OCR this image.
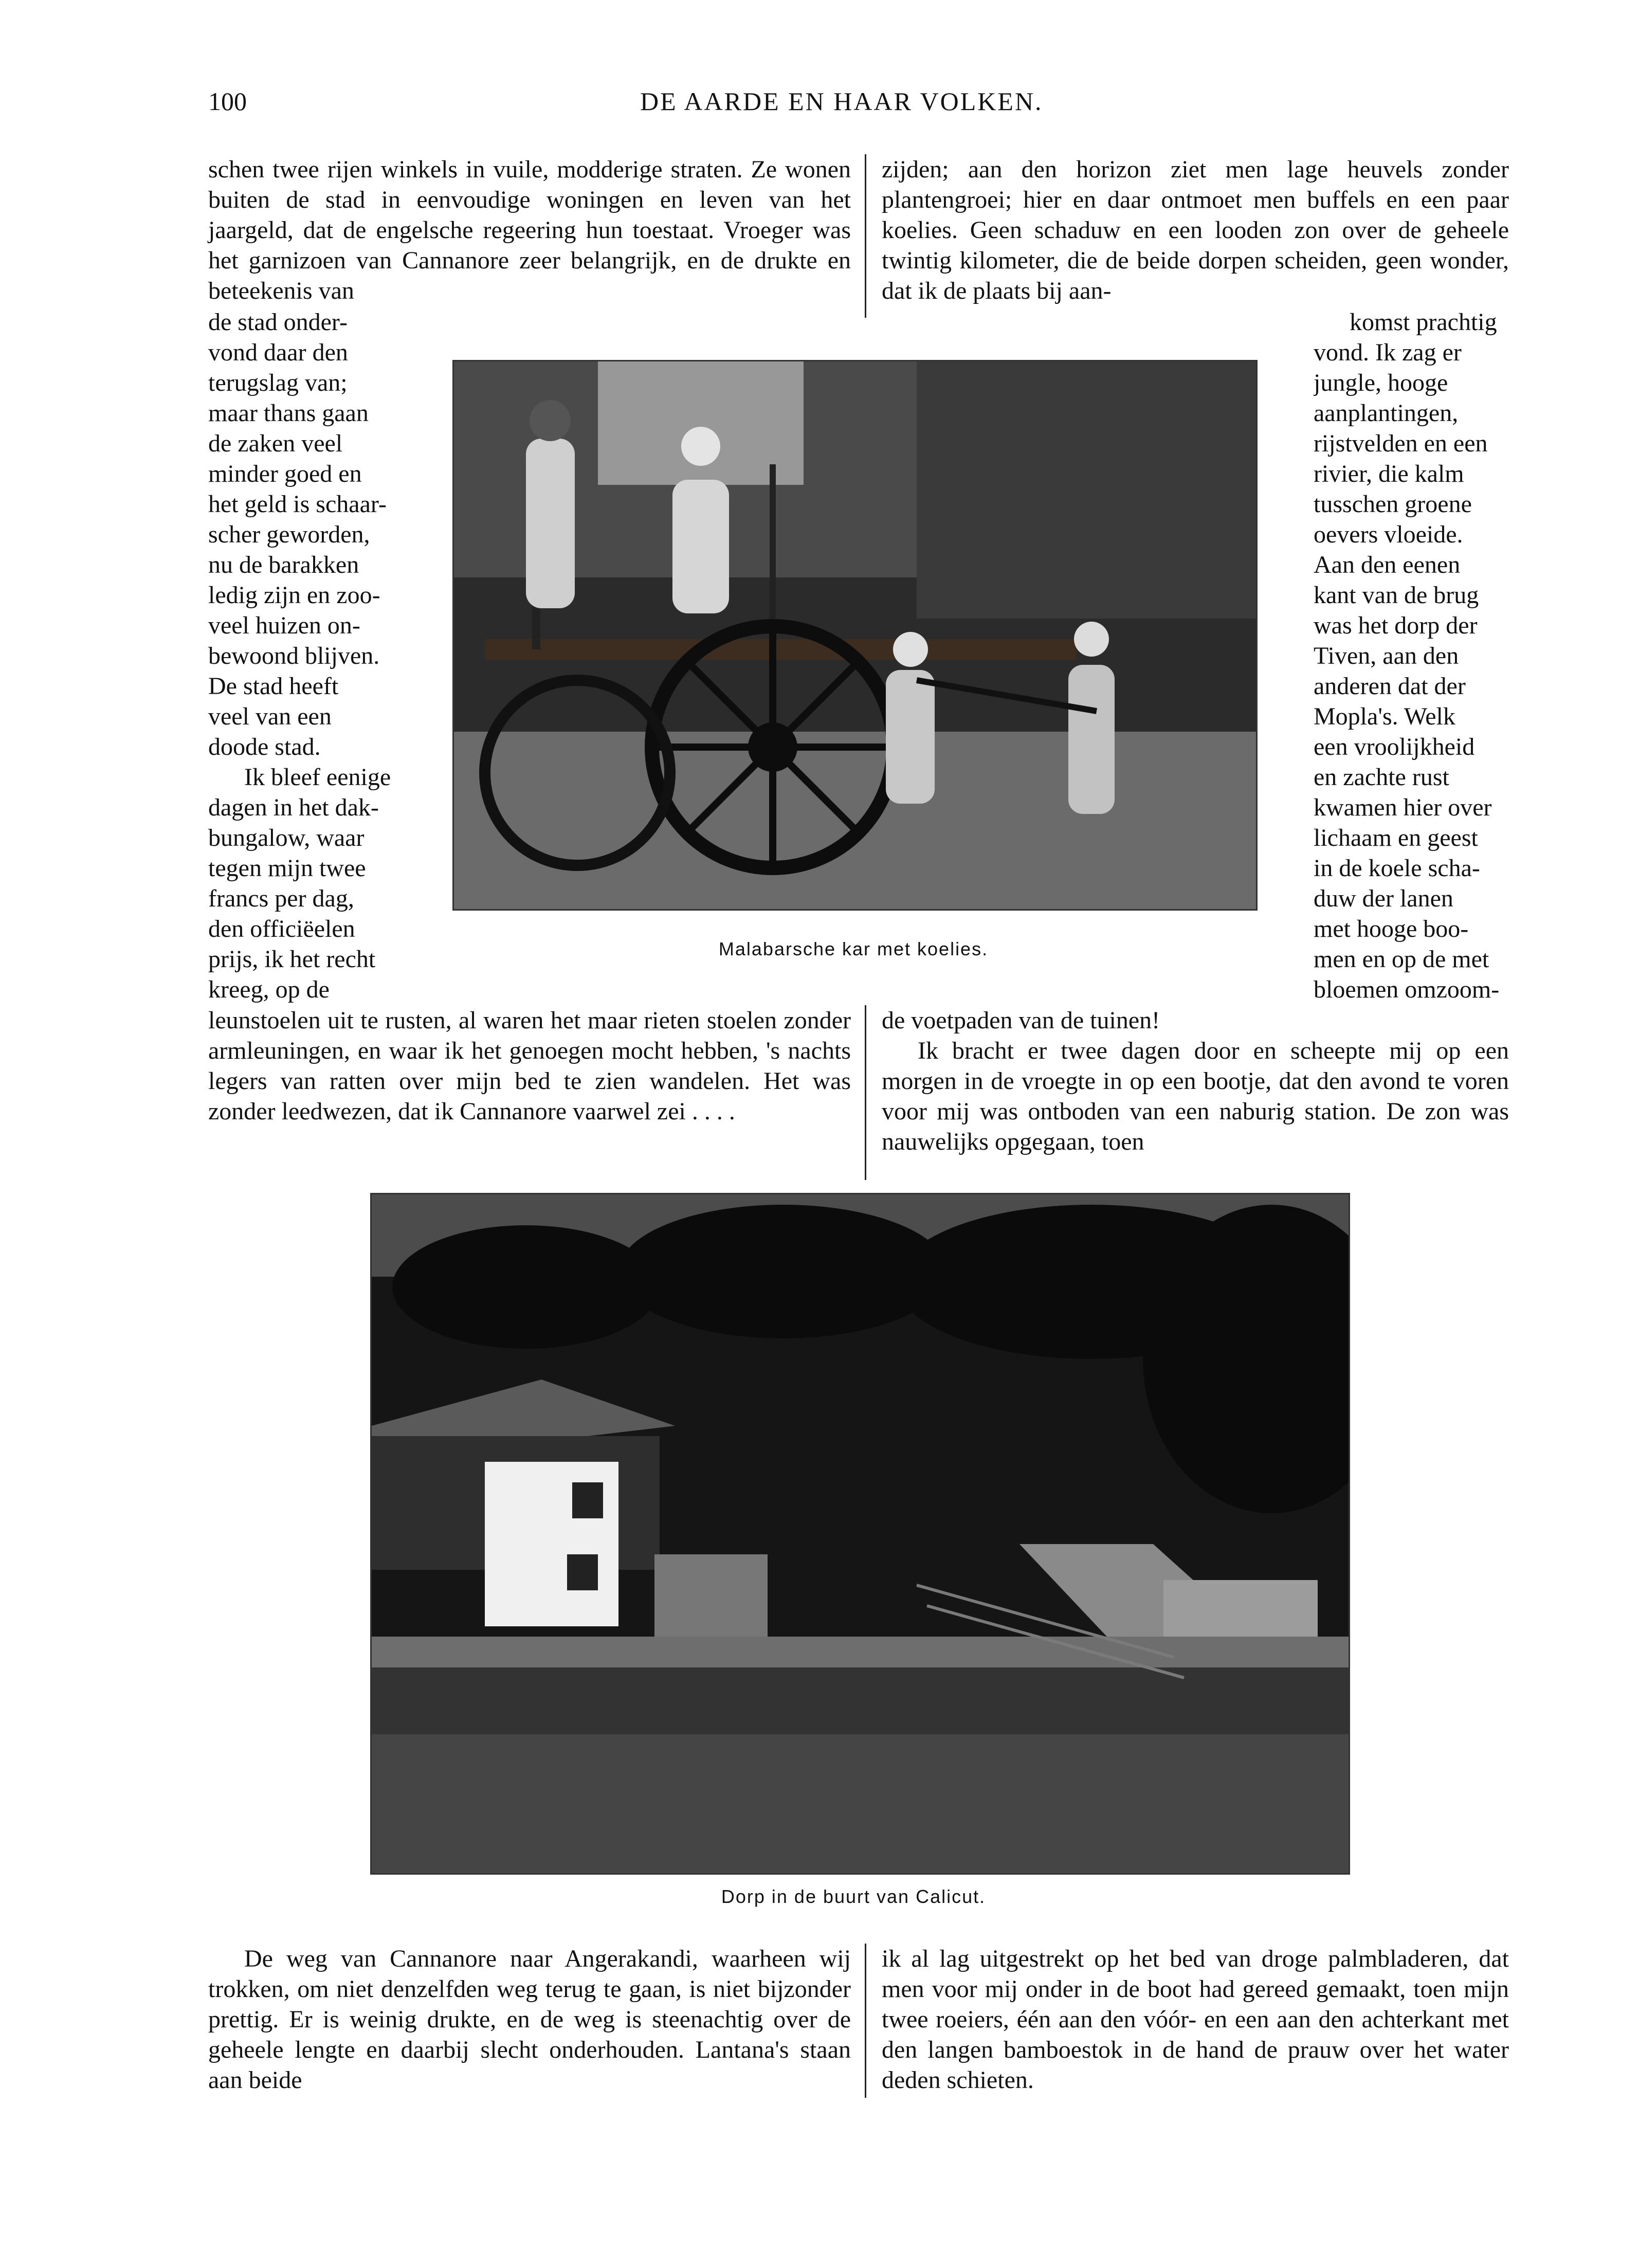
100	DE AARDE EN HAAR VOLKEN.

schen twee rijen winkels in vuile, modderige straten. Ze wonen buiten de stad in eenvoudige woningen en leven van het jaargeld, dat de engelsche regeering hun toestaat. Vroeger was het garnizoen van Cannanore zeer belangrijk, en de drukte en beteekenis van

zijden; aan den horizon ziet men lage heuvels zonder plantengroei; hier en daar ontmoet men buffels en een paar koelies. Geen schaduw en een looden zon over de geheele twintig kilometer, die de beide dorpen scheiden, geen wonder, dat ik de plaats bij aan-

de stad onder-
vond daar den
terugslag van;
maar thans gaan
de zaken veel
minder goed en
het geld is schaar-
scher geworden,
nu de barakken
ledig zijn en zoo-
veel huizen on-
bewoond blijven.
De stad heeft
veel van een
doode stad.
Ik bleef eenige
dagen in het dak-
bungalow, waar
tegen mijn twee
francs per dag,
den officiëelen
prijs, ik het recht
kreeg, op de
Malabarsche kar met koelies.
komst prachtig
vond. Ik zag er
jungle, hooge
aanplantingen,
rijstvelden en een
rivier, die kalm
tusschen groene
oevers vloeide.
Aan den eenen
kant van de brug
was het dorp der
Tiven, aan den
anderen dat der
Mopla's. Welk
een vroolijkheid
en zachte rust
kwamen hier over
lichaam en geest
in de koele scha-
duw der lanen
met hooge boo-
men en op de met
bloemen omzoom-

leunstoelen uit te rusten, al waren het maar rieten stoelen zonder armleuningen, en waar ik het genoegen mocht hebben, 's nachts legers van ratten over mijn bed te zien wandelen. Het was zonder leedwezen, dat ik Cannanore vaarwel zei . . . .

de voetpaden van de tuinen!

Ik bracht er twee dagen door en scheepte mij op een morgen in de vroegte in op een bootje, dat den avond te voren voor mij was ontboden van een naburig station. De zon was nauwelijks opgegaan, toen

Dorp in de buurt van Calicut.

De weg van Cannanore naar Angerakandi, waarheen wij trokken, om niet denzelfden weg terug te gaan, is niet bijzonder prettig. Er is weinig drukte, en de weg is steenachtig over de geheele lengte en daarbij slecht onderhouden. Lantana's staan aan beide

ik al lag uitgestrekt op het bed van droge palmbladeren, dat men voor mij onder in de boot had gereed gemaakt, toen mijn twee roeiers, één aan den vóór- en een aan den achterkant met den langen bamboestok in de hand de prauw over het water deden schieten.
